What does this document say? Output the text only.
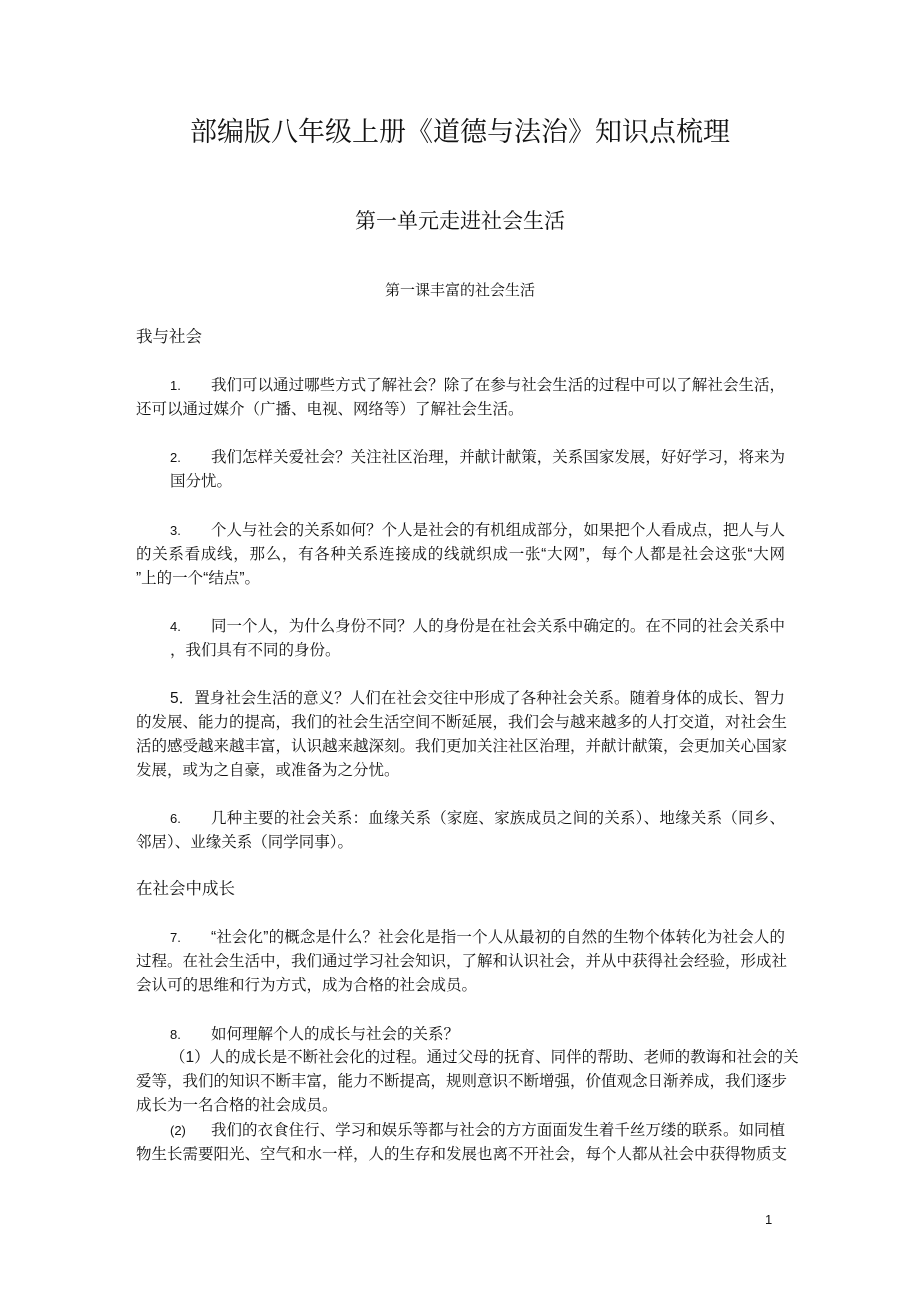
部编版八年级上册《道德与法治》知识点梳理
第一单元走进社会生活
第一课丰富的社会生活
我与社会
1. 我们可以通过哪些方式了解社会？除了在参与社会生活的过程中可以了解社会生活，
还可以通过媒介（广播、电视、网络等）了解社会生活。
2. 我们怎样关爱社会？关注社区治理，并献计献策，关系国家发展，好好学习，将来为
国分忧。
3. 个人与社会的关系如何？个人是社会的有机组成部分，如果把个人看成点，把人与人
的关系看成线，那么，有各种关系连接成的线就织成一张“大网”，每个人都是社会这张“大网
”上的一个“结点”。
4. 同一个人，为什么身份不同？人的身份是在社会关系中确定的。在不同的社会关系中
，我们具有不同的身份。
5．置身社会生活的意义？人们在社会交往中形成了各种社会关系。随着身体的成长、智力
的发展、能力的提高，我们的社会生活空间不断延展，我们会与越来越多的人打交道，对社会生
活的感受越来越丰富，认识越来越深刻。我们更加关注社区治理，并献计献策，会更加关心国家
发展，或为之自豪，或准备为之分忧。
6. 几种主要的社会关系：血缘关系（家庭、家族成员之间的关系）、地缘关系（同乡、
邻居）、业缘关系（同学同事）。
在社会中成长
7. “社会化”的概念是什么？社会化是指一个人从最初的自然的生物个体转化为社会人的
过程。在社会生活中，我们通过学习社会知识，了解和认识社会，并从中获得社会经验，形成社
会认可的思维和行为方式，成为合格的社会成员。
8. 如何理解个人的成长与社会的关系？
（1）人的成长是不断社会化的过程。通过父母的抚育、同伴的帮助、老师的教诲和社会的关
爱等，我们的知识不断丰富，能力不断提高，规则意识不断增强，价值观念日渐养成，我们逐步
成长为一名合格的社会成员。
(2) 我们的衣食住行、学习和娱乐等都与社会的方方面面发生着千丝万缕的联系。如同植
物生长需要阳光、空气和水一样，人的生存和发展也离不开社会，每个人都从社会中获得物质支
1
